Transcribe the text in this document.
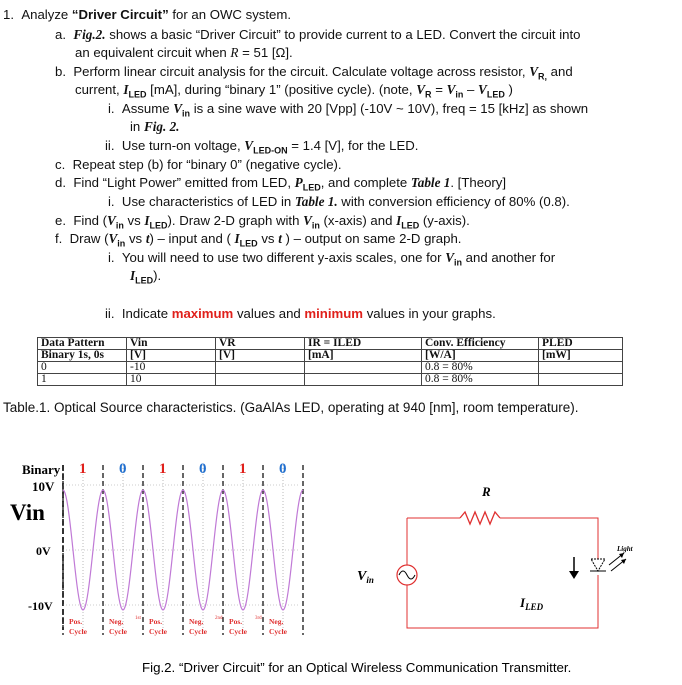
1. Analyze “Driver Circuit” for an OWC system.
a. Fig.2. shows a basic “Driver Circuit” to provide current to a LED. Convert the circuit into
an equivalent circuit when R = 51 [Ω].
b. Perform linear circuit analysis for the circuit. Calculate voltage across resistor, $V_{R,}$ and
current, $I_{LED}$ [mA], during “binary 1” (positive cycle). (note, $V_R = V_{in} - V_{LED}$ )
i. Assume $V_{in}$ is a sine wave with 20 [Vpp] (-10V ~ 10V), freq = 15 [kHz] as shown
in Fig. 2.
ii. Use turn-on voltage, $V_{LED-ON} = 1.4$ [V], for the LED.
c. Repeat step (b) for “binary 0” (negative cycle).
d. Find “Light Power” emitted from LED, $P_{LED}$, and complete Table 1. [Theory]
i. Use characteristics of LED in Table 1. with conversion efficiency of 80% (0.8).
e. Find ($V_{in}$ vs $I_{LED}$). Draw 2-D graph with $V_{in}$ (x-axis) and $I_{LED}$ (y-axis).
f. Draw ($V_{in}$ vs t) – input and ( $I_{LED}$ vs t ) – output on same 2-D graph.
i. You will need to use two different y-axis scales, one for $V_{in}$ and another for
$I_{LED}$).
ii. Indicate maximum values and minimum values in your graphs.
Data Pattern	Vin	VR	IR = ILED	Conv. Efficiency	PLED
Binary 1s, 0s	[V]	[V]	[mA]	[W/A]	[mW]
0	-10			0.8 = 80%	
1	10			0.8 = 80%	
Table.1. Optical Source characteristics. (GaAlAs LED, operating at 940 [nm], room temperature).
Binary
10V
Vin
0V
-10V
1 0 1 0 1 0
Pos.
Cycle
Neg.
Cycle
Pos.
1st
Cycle
Neg.
Cycle
Pos.
2nd
Cycle
Neg.
3rd
Cycle
R
$V_{in}$
Light
$I_{LED}$
Fig.2. “Driver Circuit” for an Optical Wireless Communication Transmitter.
